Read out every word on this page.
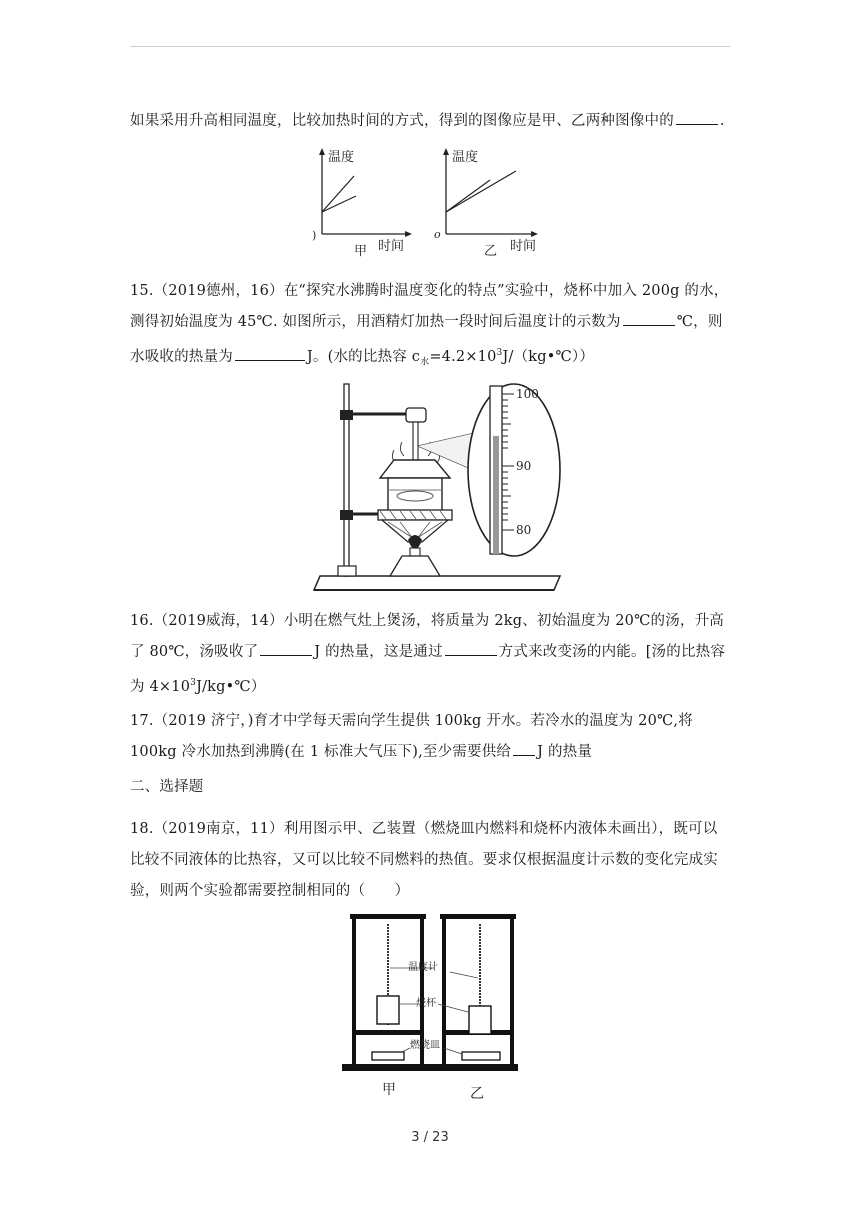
如果采用升高相同温度，比较加热时间的方式，得到的图像应是甲、乙两种图像中的	.

温度
时间
甲
)
温度
时间
乙
o

15.（2019德州，16）在“探究水沸腾时温度变化的特点”实验中，烧杯中加入 200g 的水，测得初始温度为 45℃. 如图所示，用酒精灯加热一段时间后温度计的示数为	℃，则水吸收的热量为	J。(水的比热容 $c_水=4.2\times 10^3J/(kg•℃)$）

100
90
80

16.（2019威海，14）小明在燃气灶上煲汤，将质量为 2kg、初始温度为 20℃的汤，升高了 80℃，汤吸收了	J 的热量，这是通过	方式来改变汤的内能。[汤的比热容为 $4\times 10^3J/kg•℃$）

17.（2019 济宁，)育才中学每天需向学生提供 100kg 开水。若冷水的温度为 20℃,将 100kg 冷水加热到沸腾(在 1 标准大气压下),至少需要供给 J 的热量

二、选择题

18.（2019南京，11）利用图示甲、乙装置（燃烧皿内燃料和烧杯内液体未画出），既可以比较不同液体的比热容，又可以比较不同燃料的热值。要求仅根据温度计示数的变化完成实验，则两个实验都需要控制相同的（　　）

温度计
烧杯
燃烧皿
甲	乙
3 / 23
